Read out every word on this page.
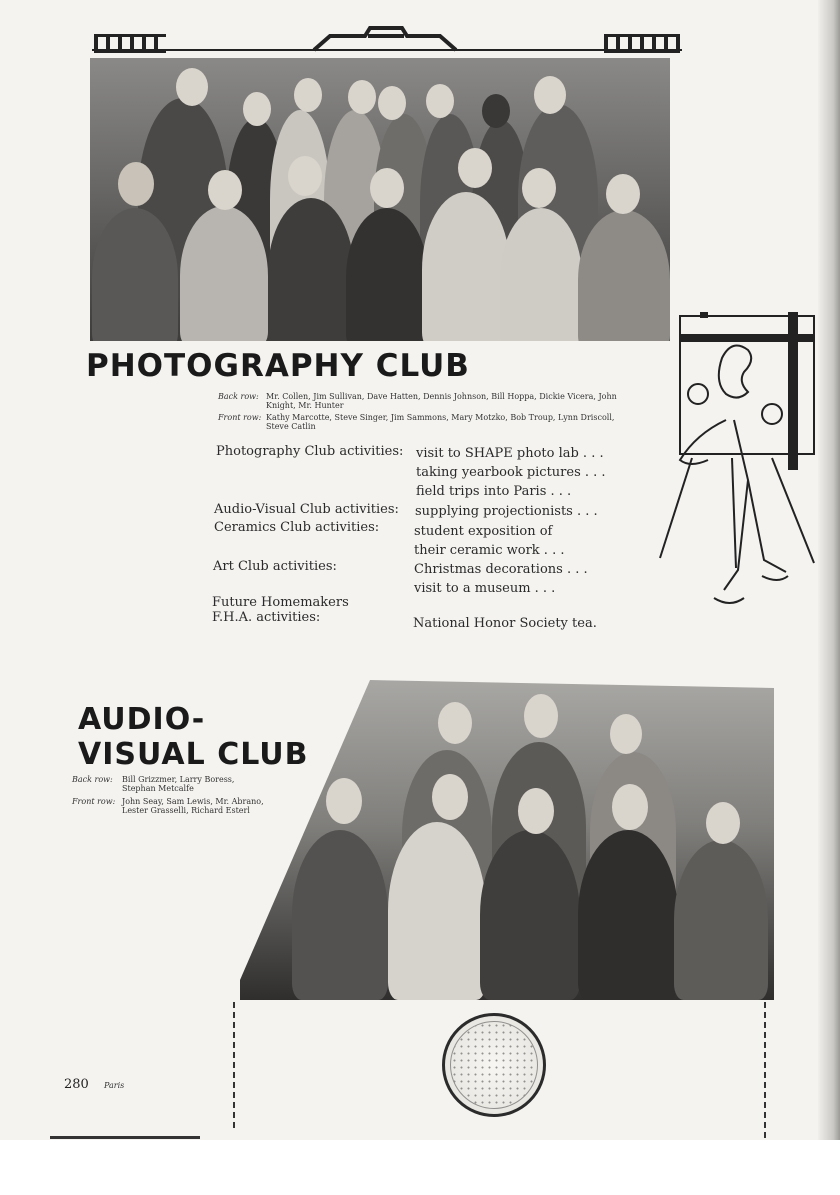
PHOTOGRAPHY CLUB
Back row: Mr. Collen, Jim Sullivan, Dave Hatten, Dennis Johnson, Bill Hoppa, Dickie Vicera, John Knight, Mr. Hunter
Front row: Kathy Marcotte, Steve Singer, Jim Sammons, Mary Motzko, Bob Troup, Lynn Driscoll, Steve Catlin
Photography Club activities: visit to SHAPE photo lab . . .
taking yearbook pictures . . .
field trips into Paris . . .
Audio-Visual Club activities: supplying projectionists . . .
Ceramics Club activities:	student exposition of
their ceramic work . . .
Art Club activities:	Christmas decorations . . .
visit to a museum . . .
Future Homemakers
F.H.A. activities:	National Honor Society tea.
AUDIO-
VISUAL CLUB
Back row: Bill Grizzmer, Larry Boress,
Stephan Metcalfe
Front row: John Seay, Sam Lewis, Mr. Abrano,
Lester Grasselli, Richard Esterl
280 Paris
